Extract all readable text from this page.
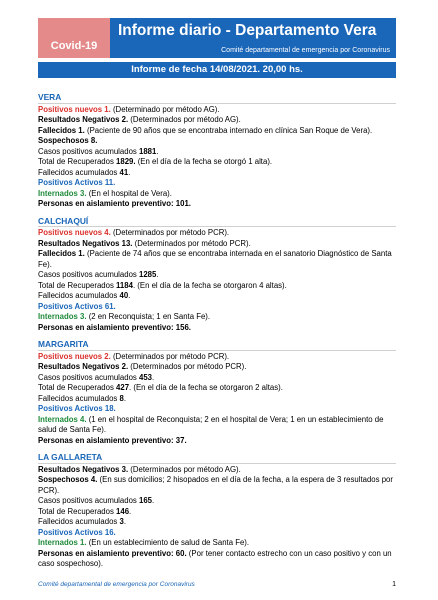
Covid-19
Informe diario - Departamento Vera
Comité departamental de emergencia por Coronavirus
Informe de fecha 14/08/2021. 20,00 hs.
VERA
Positivos nuevos 1. (Determinado por método AG).
Resultados Negativos 2. (Determinados por método AG).
Fallecidos 1. (Paciente de 90 años que se encontraba internado en clínica San Roque de Vera).
Sospechosos 8.
Casos positivos acumulados 1881.
Total de Recuperados 1829. (En el día de la fecha se otorgó 1 alta).
Fallecidos acumulados 41.
Positivos Activos 11.
Internados 3. (En el hospital de Vera).
Personas en aislamiento preventivo: 101.
CALCHAQUÍ
Positivos nuevos 4. (Determinados por método PCR).
Resultados Negativos 13. (Determinados por método PCR).
Fallecidos 1. (Paciente de 74 años que se encontraba internada en el sanatorio Diagnóstico de Santa Fe).
Casos positivos acumulados 1285.
Total de Recuperados 1184. (En el día de la fecha se otorgaron 4 altas).
Fallecidos acumulados 40.
Positivos Activos 61.
Internados 3. (2 en Reconquista; 1 en Santa Fe).
Personas en aislamiento preventivo: 156.
MARGARITA
Positivos nuevos 2. (Determinados por método PCR).
Resultados Negativos 2. (Determinados por método PCR).
Casos positivos acumulados 453.
Total de Recuperados 427. (En el día de la fecha se otorgaron 2 altas).
Fallecidos acumulados 8.
Positivos Activos 18.
Internados 4. (1 en el hospital de Reconquista; 2 en el hospital de Vera; 1 en un establecimiento de salud de Santa Fe).
Personas en aislamiento preventivo: 37.
LA GALLARETA
Resultados Negativos 3. (Determinados por método AG).
Sospechosos 4. (En sus domicilios; 2 hisopados en el día de la fecha, a la espera de 3 resultados por PCR).
Casos positivos acumulados 165.
Total de Recuperados 146.
Fallecidos acumulados 3.
Positivos Activos 16.
Internados 1. (En un establecimiento de salud de Santa Fe).
Personas en aislamiento preventivo: 60. (Por tener contacto estrecho con un caso positivo y con un caso sospechoso).
Comité departamental de emergencia por Coronavirus	1
